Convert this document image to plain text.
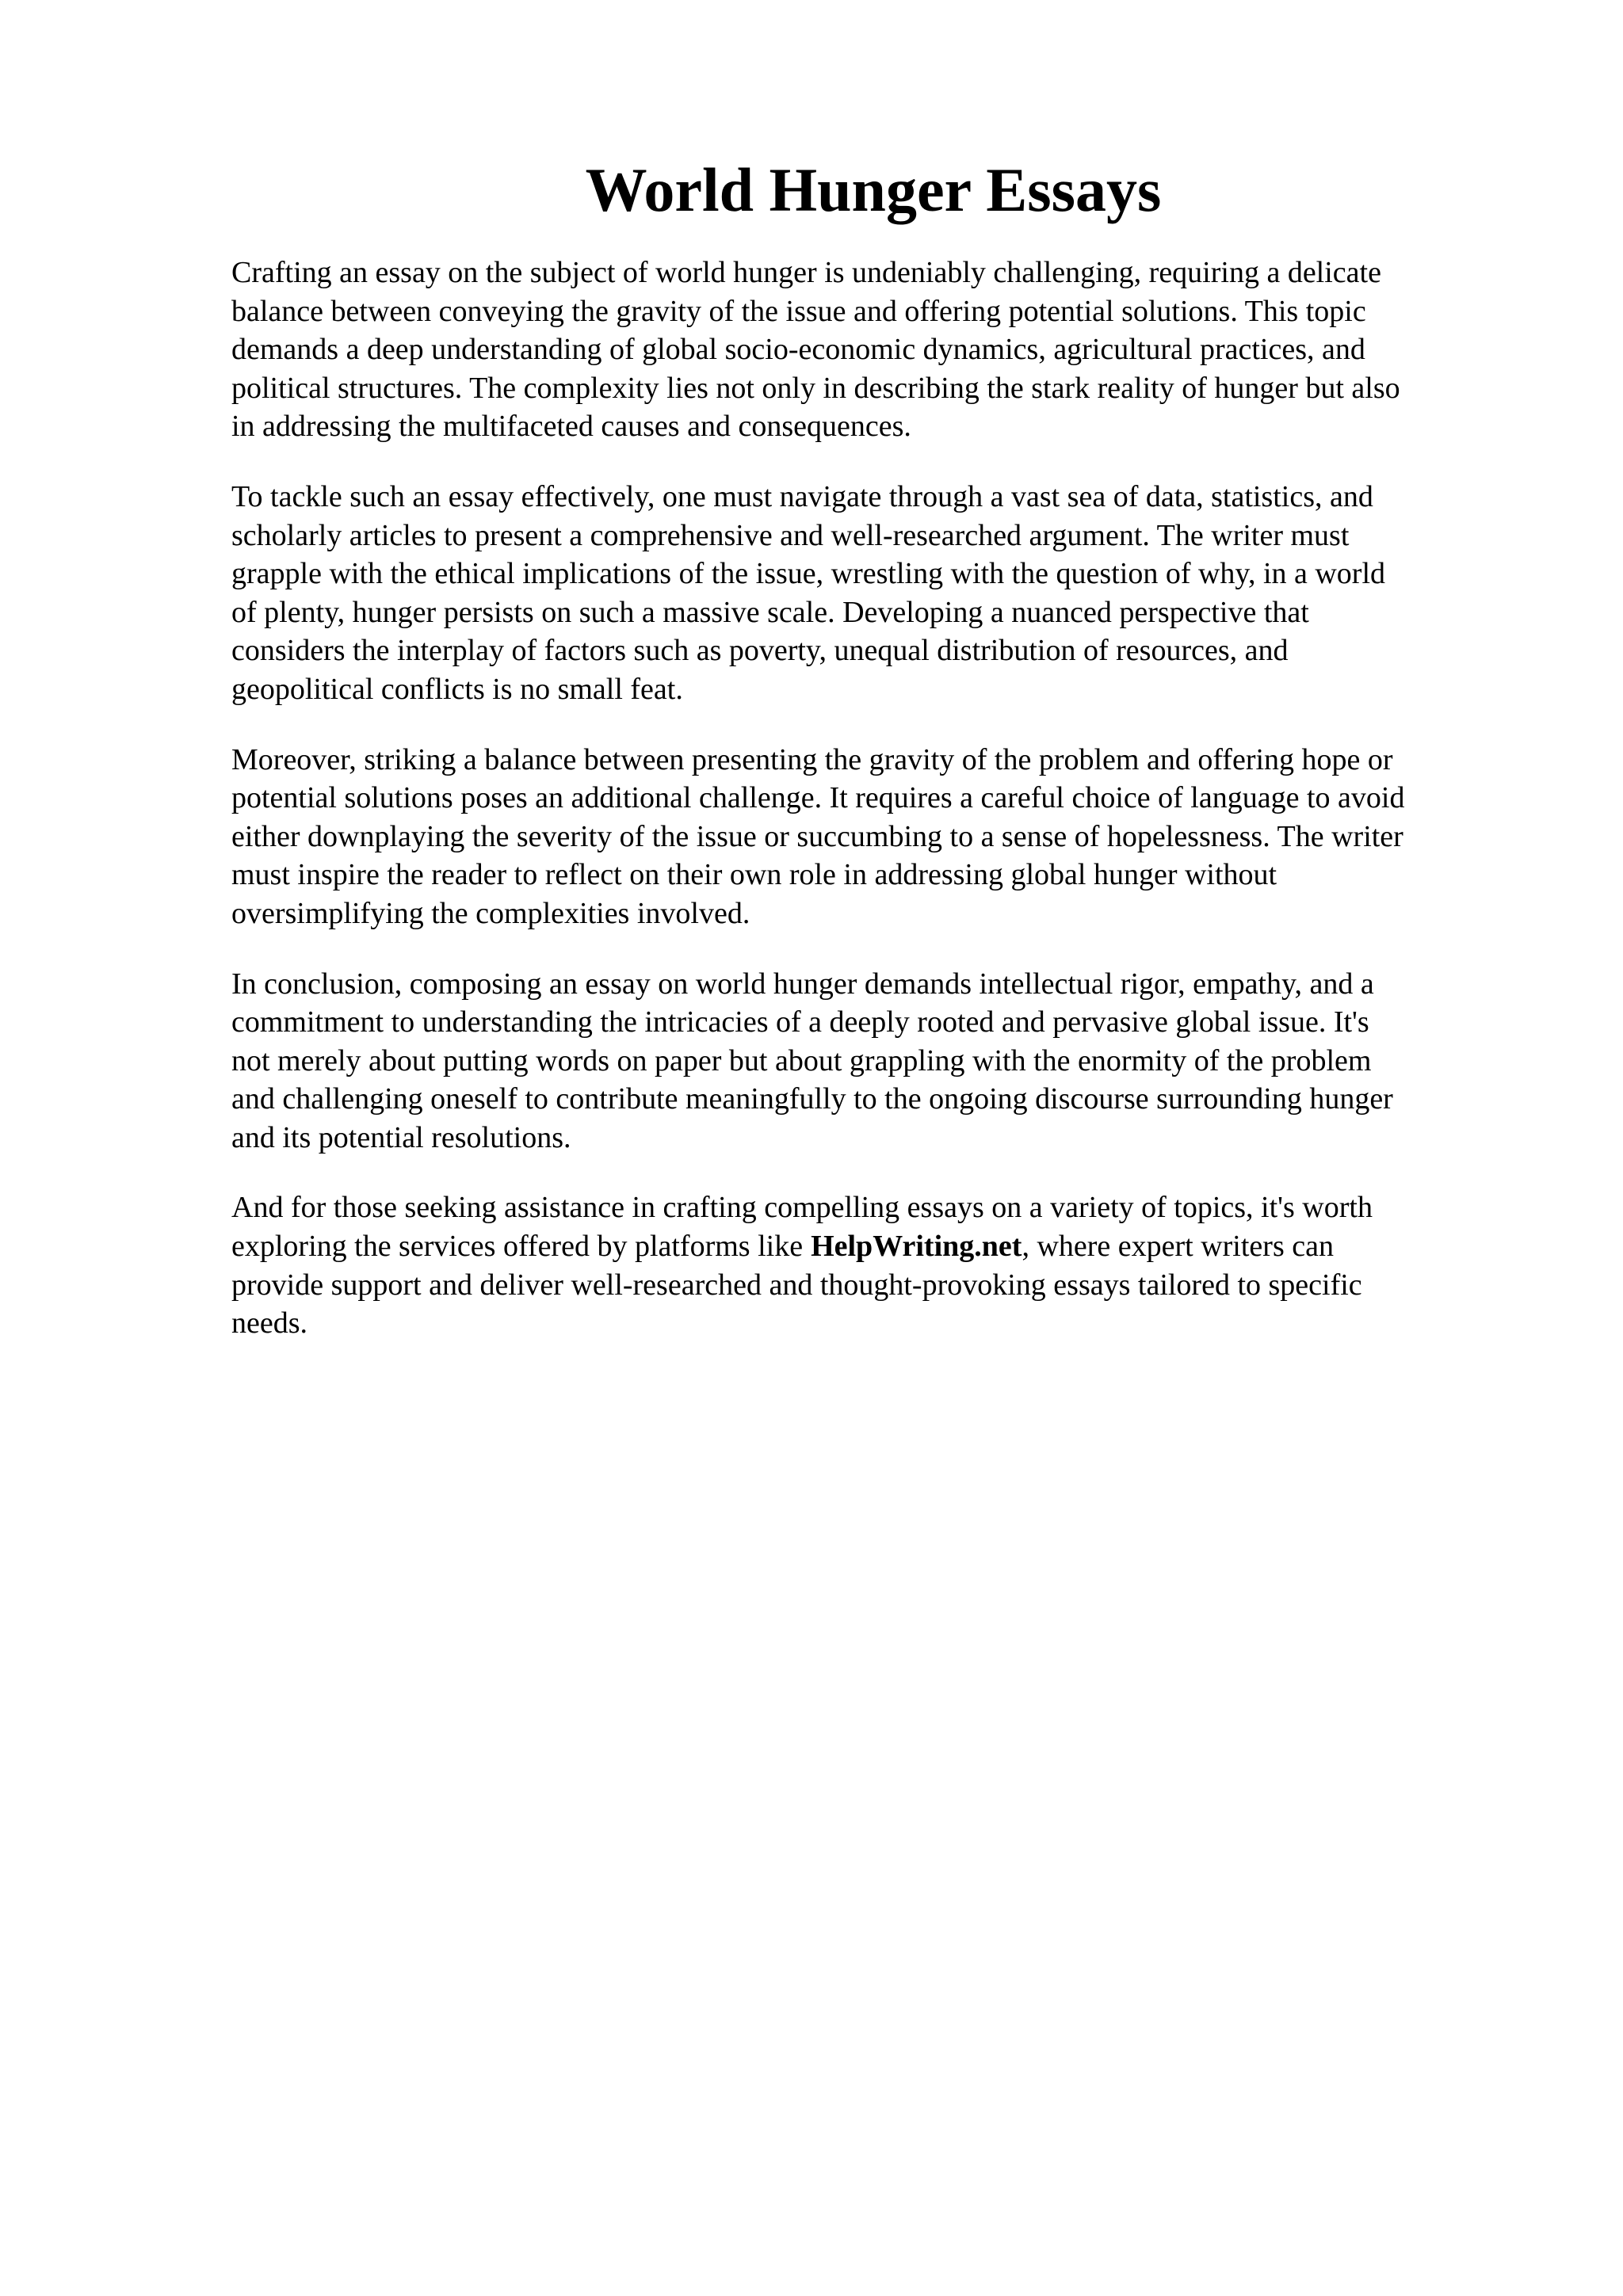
World Hunger Essays

Crafting an essay on the subject of world hunger is undeniably challenging, requiring a delicate
balance between conveying the gravity of the issue and offering potential solutions. This topic
demands a deep understanding of global socio-economic dynamics, agricultural practices, and
political structures. The complexity lies not only in describing the stark reality of hunger but also
in addressing the multifaceted causes and consequences.

To tackle such an essay effectively, one must navigate through a vast sea of data, statistics, and
scholarly articles to present a comprehensive and well-researched argument. The writer must
grapple with the ethical implications of the issue, wrestling with the question of why, in a world
of plenty, hunger persists on such a massive scale. Developing a nuanced perspective that
considers the interplay of factors such as poverty, unequal distribution of resources, and
geopolitical conflicts is no small feat.

Moreover, striking a balance between presenting the gravity of the problem and offering hope or
potential solutions poses an additional challenge. It requires a careful choice of language to avoid
either downplaying the severity of the issue or succumbing to a sense of hopelessness. The writer
must inspire the reader to reflect on their own role in addressing global hunger without
oversimplifying the complexities involved.

In conclusion, composing an essay on world hunger demands intellectual rigor, empathy, and a
commitment to understanding the intricacies of a deeply rooted and pervasive global issue. It's
not merely about putting words on paper but about grappling with the enormity of the problem
and challenging oneself to contribute meaningfully to the ongoing discourse surrounding hunger
and its potential resolutions.

And for those seeking assistance in crafting compelling essays on a variety of topics, it's worth
exploring the services offered by platforms like HelpWriting.net, where expert writers can
provide support and deliver well-researched and thought-provoking essays tailored to specific
needs.
